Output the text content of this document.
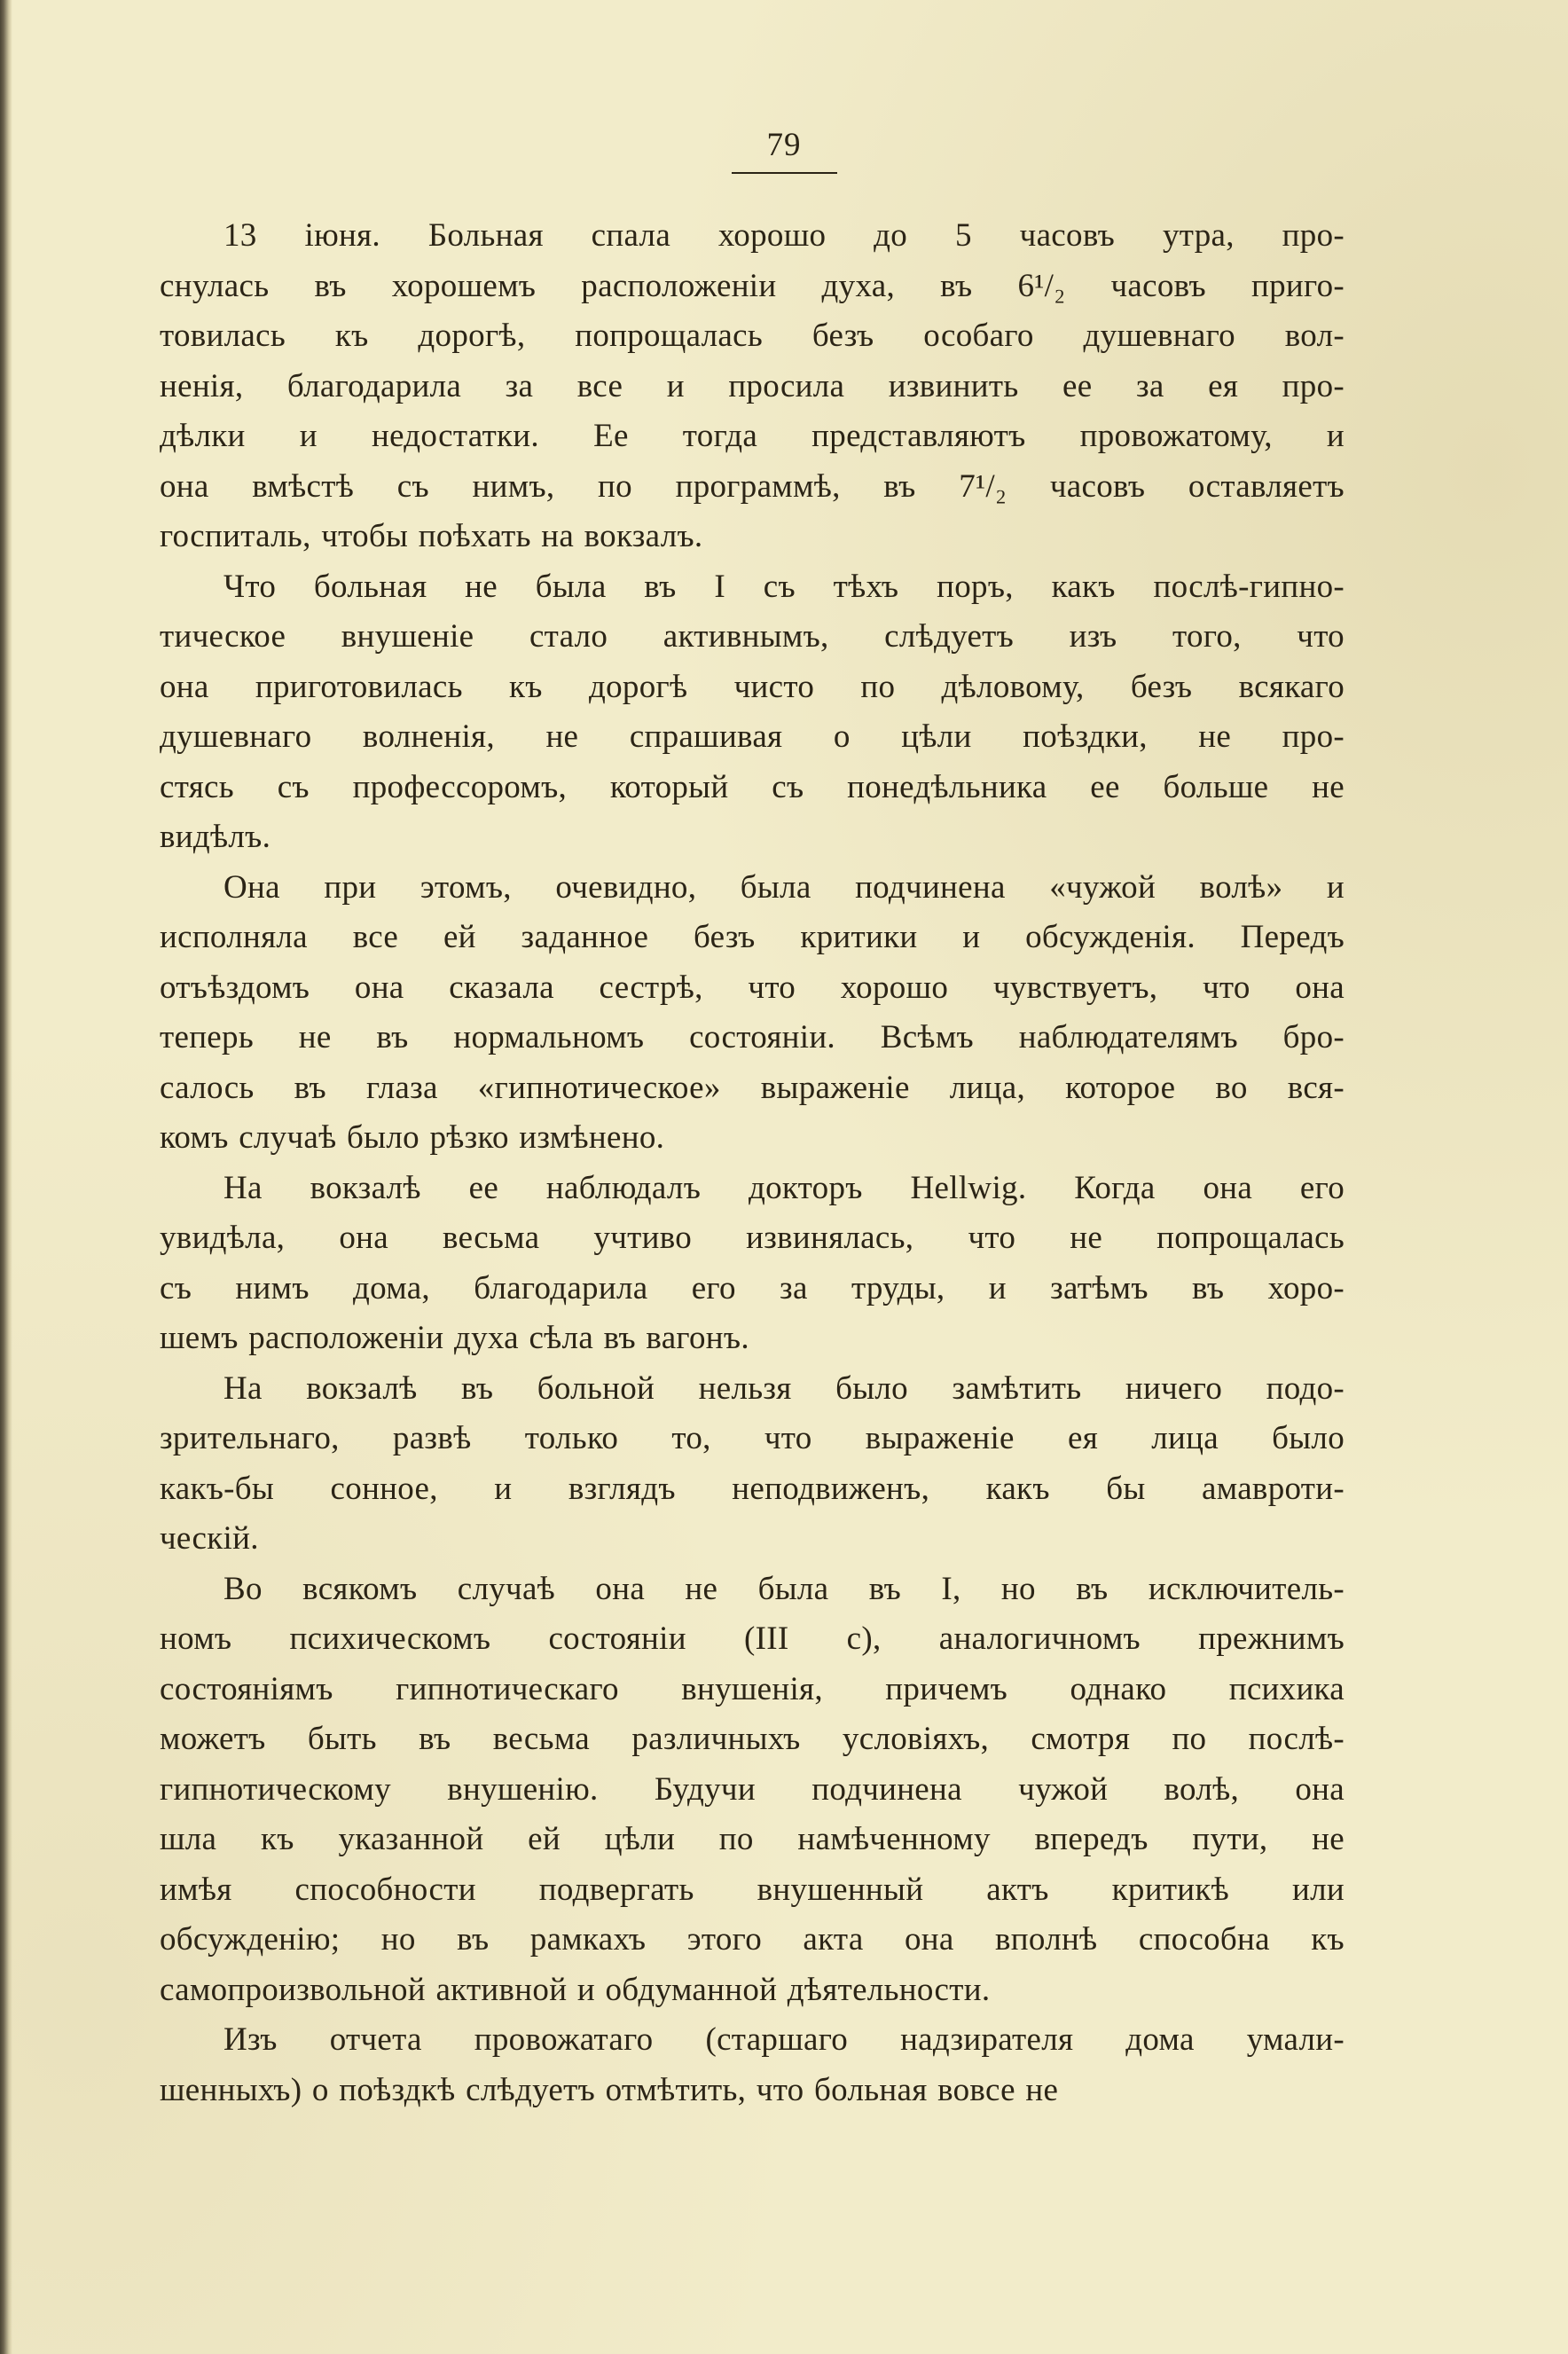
79
13 іюня. Больная спала хорошо до 5 часовъ утра, про-
снулась въ хорошемъ расположеніи духа, въ 6¹/₂ часовъ приго-
товилась къ дорогѣ, попрощалась безъ особаго душевнаго вол-
ненія, благодарила за все и просила извинить ее за ея про-
дѣлки и недостатки. Ее тогда представляютъ провожатому, и
она вмѣстѣ съ нимъ, по программѣ, въ 7¹/₂ часовъ оставляетъ
госпиталь, чтобы поѣхать на вокзалъ.
Что больная не была въ I съ тѣхъ поръ, какъ послѣ-гипно-
тическое внушеніе стало активнымъ, слѣдуетъ изъ того, что
она приготовилась къ дорогѣ чисто по дѣловому, безъ всякаго
душевнаго волненія, не спрашивая о цѣли поѣздки, не про-
стясь съ профессоромъ, который съ понедѣльника ее больше не
видѣлъ.
Она при этомъ, очевидно, была подчинена «чужой волѣ» и
исполняла все ей заданное безъ критики и обсужденія. Передъ
отъѣздомъ она сказала сестрѣ, что хорошо чувствуетъ, что она
теперь не въ нормальномъ состояніи. Всѣмъ наблюдателямъ бро-
салось въ глаза «гипнотическое» выраженіе лица, которое во вся-
комъ случаѣ было рѣзко измѣнено.
На вокзалѣ ее наблюдалъ докторъ Hellwig. Когда она его
увидѣла, она весьма учтиво извинялась, что не попрощалась
съ нимъ дома, благодарила его за труды, и затѣмъ въ хоро-
шемъ расположеніи духа сѣла въ вагонъ.
На вокзалѣ въ больной нельзя было замѣтить ничего подо-
зрительнаго, развѣ только то, что выраженіе ея лица было
какъ-бы сонное, и взглядъ неподвиженъ, какъ бы амавроти-
ческій.
Во всякомъ случаѣ она не была въ I, но въ исключитель-
номъ психическомъ состояніи (III c), аналогичномъ прежнимъ
состояніямъ гипнотическаго внушенія, причемъ однако психика
можетъ быть въ весьма различныхъ условіяхъ, смотря по послѣ-
гипнотическому внушенію. Будучи подчинена чужой волѣ, она
шла къ указанной ей цѣли по намѣченному впередъ пути, не
имѣя способности подвергать внушенный актъ критикѣ или
обсужденію; но въ рамкахъ этого акта она вполнѣ способна къ
самопроизвольной активной и обдуманной дѣятельности.
Изъ отчета провожатаго (старшаго надзирателя дома умали-
шенныхъ) о поѣздкѣ слѣдуетъ отмѣтить, что больная вовсе не
